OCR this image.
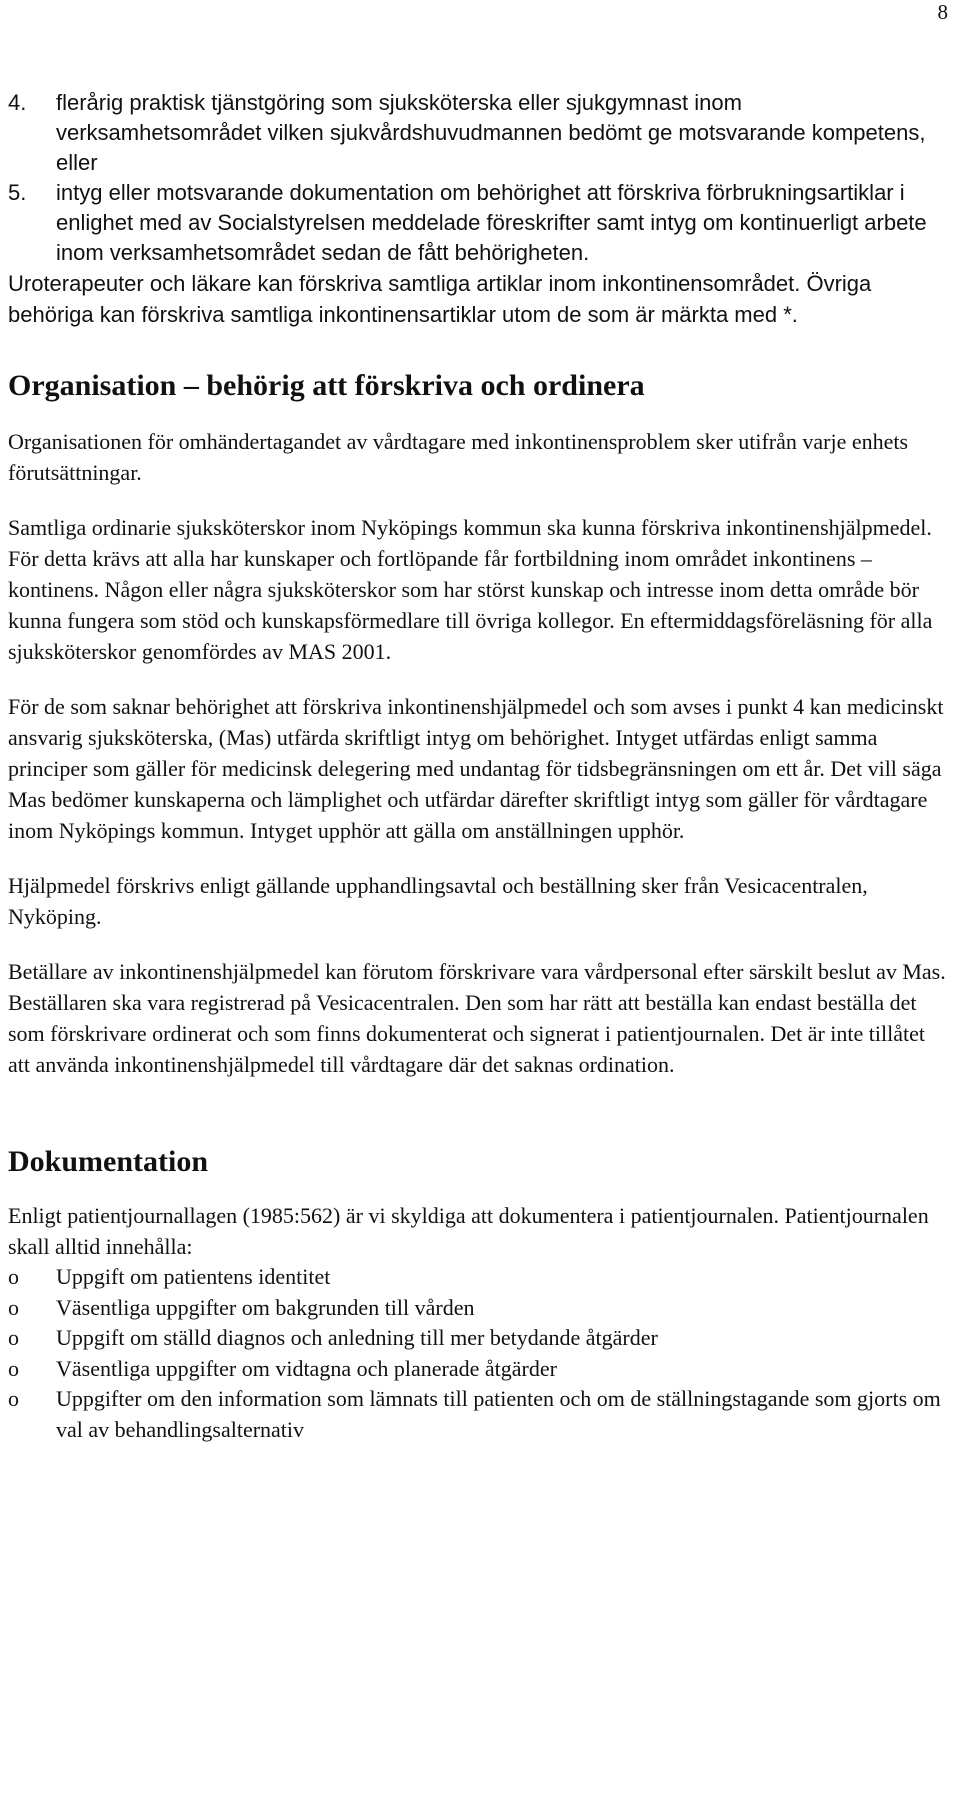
8
4.	flerårig praktisk tjänstgöring som sjuksköterska eller sjukgymnast inom verksamhetsområdet vilken sjukvårdshuvudmannen bedömt ge motsvarande kompetens, eller
5.	intyg eller motsvarande dokumentation om behörighet att förskriva förbrukningsartiklar i enlighet med av Socialstyrelsen meddelade föreskrifter samt intyg om kontinuerligt arbete inom verksamhetsområdet sedan de fått behörigheten.

Uroterapeuter och läkare kan förskriva samtliga artiklar inom inkontinensområdet. Övriga behöriga kan förskriva samtliga inkontinensartiklar utom de som är märkta med *.

Organisation – behörig att förskriva och ordinera

Organisationen för omhändertagandet av vårdtagare med inkontinensproblem sker utifrån varje enhets förutsättningar.

Samtliga ordinarie sjuksköterskor inom Nyköpings kommun ska kunna förskriva inkontinenshjälpmedel. För detta krävs att alla har kunskaper och fortlöpande får fortbildning inom området inkontinens – kontinens. Någon eller några sjuksköterskor som har störst kunskap och intresse inom detta område bör kunna fungera som stöd och kunskapsförmedlare till övriga kollegor. En eftermiddagsföreläsning för alla sjuksköterskor genomfördes av MAS 2001.

För de som saknar behörighet att förskriva inkontinenshjälpmedel och som avses i punkt 4 kan medicinskt ansvarig sjuksköterska, (Mas) utfärda skriftligt intyg om behörighet. Intyget utfärdas enligt samma principer som gäller för medicinsk delegering med undantag för tidsbegränsningen om ett år. Det vill säga Mas bedömer kunskaperna och lämplighet och utfärdar därefter skriftligt intyg som gäller för vårdtagare inom Nyköpings kommun. Intyget upphör att gälla om anställningen upphör.

Hjälpmedel förskrivs enligt gällande upphandlingsavtal och beställning sker från Vesicacentralen, Nyköping.

Betällare av inkontinenshjälpmedel kan förutom förskrivare vara vårdpersonal efter särskilt beslut av Mas. Beställaren ska vara registrerad på Vesicacentralen. Den som har rätt att beställa kan endast beställa det som förskrivare ordinerat och som finns dokumenterat och signerat i patientjournalen. Det är inte tillåtet att använda inkontinenshjälpmedel till vårdtagare där det saknas ordination.

Dokumentation

Enligt patientjournallagen (1985:562) är vi skyldiga att dokumentera i patientjournalen. Patientjournalen skall alltid innehålla:

o	Uppgift om patientens identitet
o	Väsentliga uppgifter om bakgrunden till vården
o	Uppgift om ställd diagnos och anledning till mer betydande åtgärder
o	Väsentliga uppgifter om vidtagna och planerade åtgärder
o	Uppgifter om den information som lämnats till patienten och om de ställningstagande som gjorts om val av behandlingsalternativ
